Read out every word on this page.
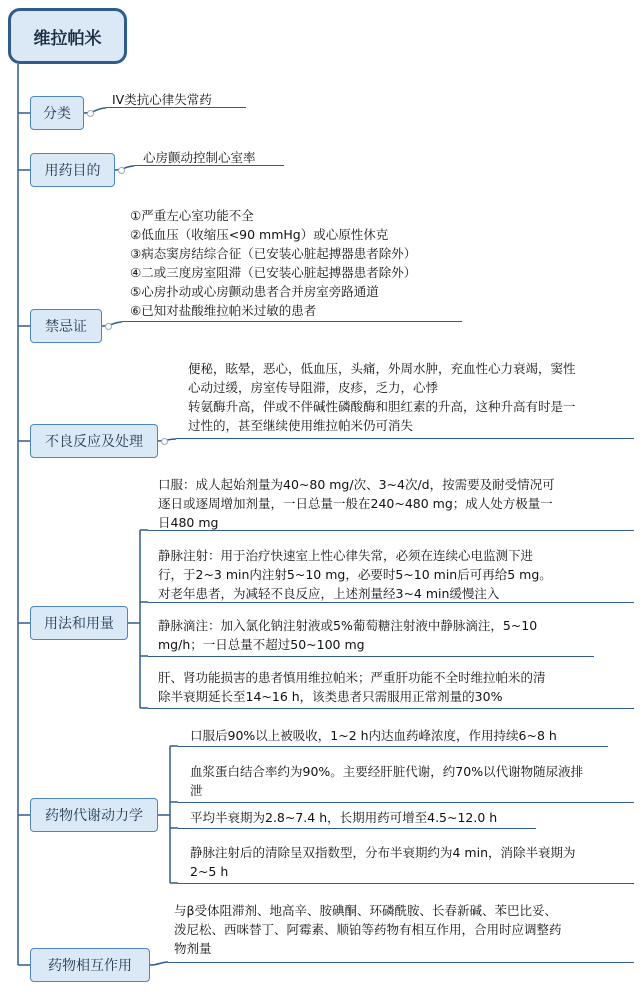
维拉帕米
分类
IV类抗心律失常药
用药目的
心房颤动控制心室率
禁忌证
①严重左心室功能不全
②低血压（收缩压<90 mmHg）或心原性休克
③病态窦房结综合征（已安装心脏起搏器患者除外）
④二或三度房室阻滞（已安装心脏起搏器患者除外）
⑤心房扑动或心房颤动患者合并房室旁路通道
⑥已知对盐酸维拉帕米过敏的患者
不良反应及处理
便秘，眩晕，恶心，低血压，头痛，外周水肿，充血性心力衰竭，窦性
心动过缓，房室传导阻滞，皮疹，乏力，心悸
转氨酶升高，伴或不伴碱性磷酸酶和胆红素的升高，这种升高有时是一
过性的，甚至继续使用维拉帕米仍可消失
用法和用量
口服：成人起始剂量为40~80 mg/次、3~4次/d，按需要及耐受情况可
逐日或逐周增加剂量，一日总量一般在240~480 mg；成人处方极量一
日480 mg
静脉注射：用于治疗快速室上性心律失常，必须在连续心电监测下进
行，于2~3 min内注射5~10 mg，必要时5~10 min后可再给5 mg。
对老年患者，为减轻不良反应，上述剂量经3~4 min缓慢注入
静脉滴注：加入氯化钠注射液或5%葡萄糖注射液中静脉滴注，5~10
mg/h；一日总量不超过50~100 mg
肝、肾功能损害的患者慎用维拉帕米；严重肝功能不全时维拉帕米的清
除半衰期延长至14~16 h，该类患者只需服用正常剂量的30%
药物代谢动力学
口服后90%以上被吸收，1~2 h内达血药峰浓度，作用持续6~8 h
血浆蛋白结合率约为90%。主要经肝脏代谢，约70%以代谢物随尿液排
泄
平均半衰期为2.8~7.4 h，长期用药可增至4.5~12.0 h
静脉注射后的清除呈双指数型，分布半衰期约为4 min，消除半衰期为
2~5 h
药物相互作用
与β受体阻滞剂、地高辛、胺碘酮、环磷酰胺、长春新碱、苯巴比妥、
泼尼松、西咪替丁、阿霉素、顺铂等药物有相互作用，合用时应调整药
物剂量
